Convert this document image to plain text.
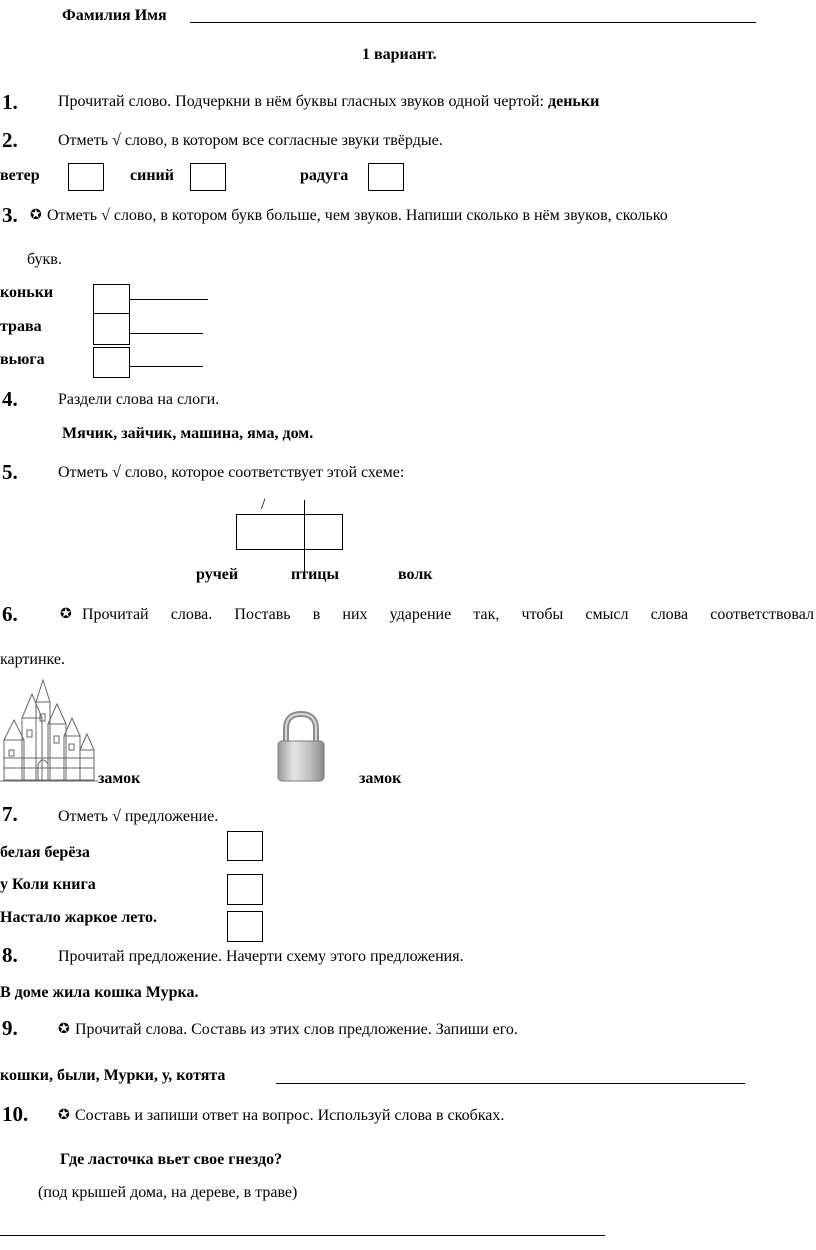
Фамилия Имя
1 вариант.
1.	Прочитай слово. Подчеркни в нём буквы гласных звуков одной чертой: деньки
2.	Отметь √ слово, в котором все согласные звуки твёрдые.
ветер	синий	радуга
3. ✪ Отметь √ слово, в котором букв больше, чем звуков. Напиши сколько в нём звуков, сколько
букв.
коньки
трава
вьюга
4.	Раздели слова на слоги.
Мячик, зайчик, машина, яма, дом.
5.	Отметь √ слово, которое соответствует этой схеме:
/
ручей	птицы	волк
6.	✪ Прочитай слова. Поставь в них ударение так, чтобы смысл слова соответствовал
картинке.
замок	замок
7.	Отметь √ предложение.
белая берёза
у Коли книга
Настало жаркое лето.
8.	Прочитай предложение. Начерти схему этого предложения.
В доме жила кошка Мурка.
9.	✪ Прочитай слова. Составь из этих слов предложение. Запиши его.
кошки, были, Мурки, у, котята
10. ✪ Составь и запиши ответ на вопрос. Используй слова в скобках.
Где ласточка вьет свое гнездо?
(под крышей дома, на дереве, в траве)
